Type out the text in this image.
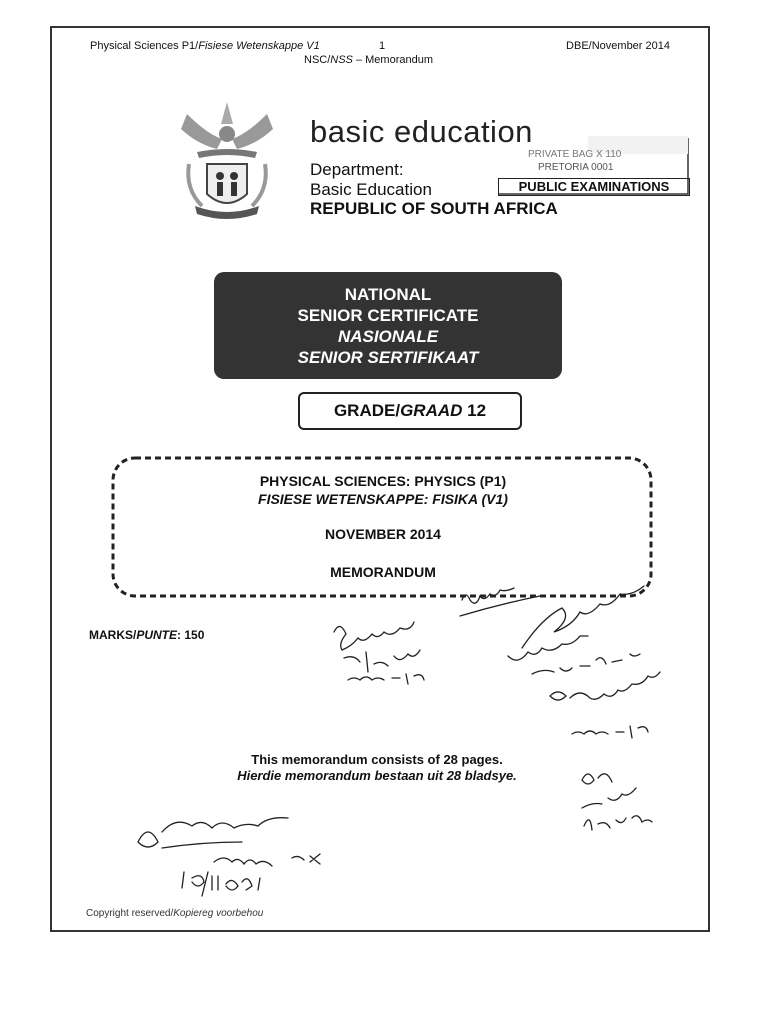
Physical Sciences P1/Fisiese Wetenskappe V1	1	DBE/November 2014
NSC/NSS – Memorandum
basic education
Department:
Basic Education
REPUBLIC OF SOUTH AFRICA
PRIVATE BAG X 110
PRETORIA 0001
PUBLIC EXAMINATIONS
NATIONAL
SENIOR CERTIFICATE
NASIONALE
SENIOR SERTIFIKAAT
GRADE/GRAAD 12
PHYSICAL SCIENCES: PHYSICS (P1)
FISIESE WETENSKAPPE: FISIKA (V1)
NOVEMBER 2014
MEMORANDUM
MARKS/PUNTE: 150
This memorandum consists of 28 pages.
Hierdie memorandum bestaan uit 28 bladsye.
Copyright reserved/Kopiereg voorbehou
